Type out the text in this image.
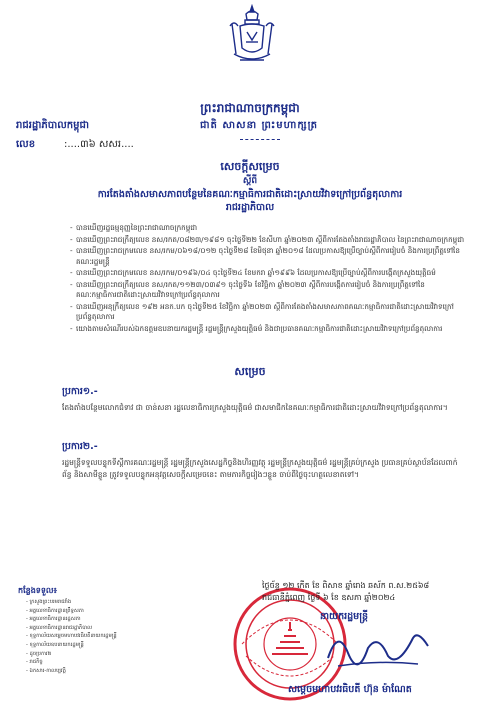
ព្រះរាជាណាចក្រកម្ពុជា
រាជរដ្ឋាភិបាលកម្ពុជា	ជាតិ សាសនា ព្រះមហាក្សត្រ
លេខ	:....៣៦ សសរ....
សេចក្ដីសម្រេច
ស្ដីពី
ការតែងតាំងសមាសភាពបន្ថែមនៃគណៈកម្មាធិការជាតិដោះស្រាយវិវាទក្រៅប្រព័ន្ធតុលាការ
រាជរដ្ឋាភិបាល
- បានឃើញរដ្ឋធម្មនុញ្ញនៃព្រះរាជាណាចក្រកម្ពុជា
- បានឃើញព្រះរាជក្រឹត្យលេខ នស/រកត/០៨២៣/១៩៨១ ចុះថ្ងៃទី២២ ខែសីហា ឆ្នាំ២០២៣ ស្ដីពីការតែងតាំងរាជរដ្ឋាភិបាល នៃព្រះរាជាណាចក្រកម្ពុជា
- បានឃើញព្រះរាជក្រមលេខ នស/រកម/០៦១៨/០១២ ចុះថ្ងៃទី២៨ ខែមិថុនា ឆ្នាំ២០១៨ ដែលប្រកាសឱ្យប្រើច្បាប់ស្ដីពីការរៀបចំ និងការប្រព្រឹត្តទៅនៃគណៈរដ្ឋមន្ត្រី
- បានឃើញព្រះរាជក្រមលេខ នស/រកម/០១៩៦/០៤ ចុះថ្ងៃទី២៤ ខែមករា ឆ្នាំ១៩៩៦ ដែលប្រកាសឱ្យប្រើច្បាប់ស្ដីពីការបង្កើតក្រសួងយុត្តិធម៌
- បានឃើញព្រះរាជក្រឹត្យលេខ នស/រកត/១១២៣/០៣៩១ ចុះថ្ងៃទី៦ ខែវិច្ឆិកា ឆ្នាំ២០២៣ ស្ដីពីការបង្កើតការរៀបចំ និងការប្រព្រឹត្តទៅនៃគណៈកម្មាធិការជាតិដោះស្រាយវិវាទក្រៅប្រព័ន្ធតុលាការ
- បានឃើញអនុក្រឹត្យលេខ ១៩២ អនក.បក ចុះថ្ងៃទី២៥ ខែវិច្ឆិកា ឆ្នាំ២០២៣ ស្ដីពីការតែងតាំងសមាសភាពគណៈកម្មាធិការជាតិដោះស្រាយវិវាទក្រៅប្រព័ន្ធតុលាការ
- យោងតាមសំណើរបស់ឯកឧត្តមឧបនាយករដ្ឋមន្ត្រី រដ្ឋមន្ត្រីក្រសួងយុត្តិធម៌ និងជាប្រធានគណៈកម្មាធិការជាតិដោះស្រាយវិវាទក្រៅប្រព័ន្ធតុលាការ
សម្រេច
ប្រការ១.-
តែងតាំងបន្ថែមលោកជំទាវ ជា ចាន់សនា រដ្ឋលេខាធិការក្រសួងយុត្តិធម៌ ជាសមាជិកនៃគណៈកម្មាធិការជាតិដោះស្រាយវិវាទក្រៅប្រព័ន្ធតុលាការ។
ប្រការ២.-
រដ្ឋមន្ត្រីទទួលបន្ទុកទីស្ដីការគណៈរដ្ឋមន្ត្រី រដ្ឋមន្ត្រីក្រសួងសេដ្ឋកិច្ចនិងហិរញ្ញវត្ថុ រដ្ឋមន្ត្រីក្រសួងយុត្តិធម៌ រដ្ឋមន្ត្រីគ្រប់ក្រសួង ប្រធានគ្រប់ស្ថាប័នដែលពាក់ព័ន្ធ និងសាមីខ្លួន ត្រូវទទួលបន្ទុកអនុវត្តសេចក្ដីសម្រេចនេះ តាមភារកិច្ចរៀងៗខ្លួន ចាប់ពីថ្ងៃចុះហត្ថលេខាតទៅ។
ថ្ងៃច័ន្ទ ១២ កើត ខែ ពិសាខ ឆ្នាំរោង ឆស័ក ព.ស.២៥៦៨
រាជធានីភ្នំពេញ ថ្ងៃទី ៦ ខែ ឧសភា ឆ្នាំ២០២៤
នាយករដ្ឋមន្ត្រី
សម្ដេចមហាបវរធិបតី ហ៊ុន ម៉ាណែត
កន្លែងទទួល៖
- ក្រសួងព្រះបរមរាជវាំង
- អគ្គលេខាធិការដ្ឋានព្រឹទ្ធសភា
- អគ្គលេខាធិការដ្ឋានរដ្ឋសភា
- អគ្គលេខាធិការដ្ឋានរាជរដ្ឋាភិបាល
- ខុទ្ទកាល័យសម្ដេចមហាបវរធិបតីនាយករដ្ឋមន្ត្រី
- ខុទ្ទកាល័យឧបនាយករដ្ឋមន្ត្រី
- ដូចប្រការ២
- រាជកិច្ច
- ឯកសារ-កាលប្បវត្តិ
